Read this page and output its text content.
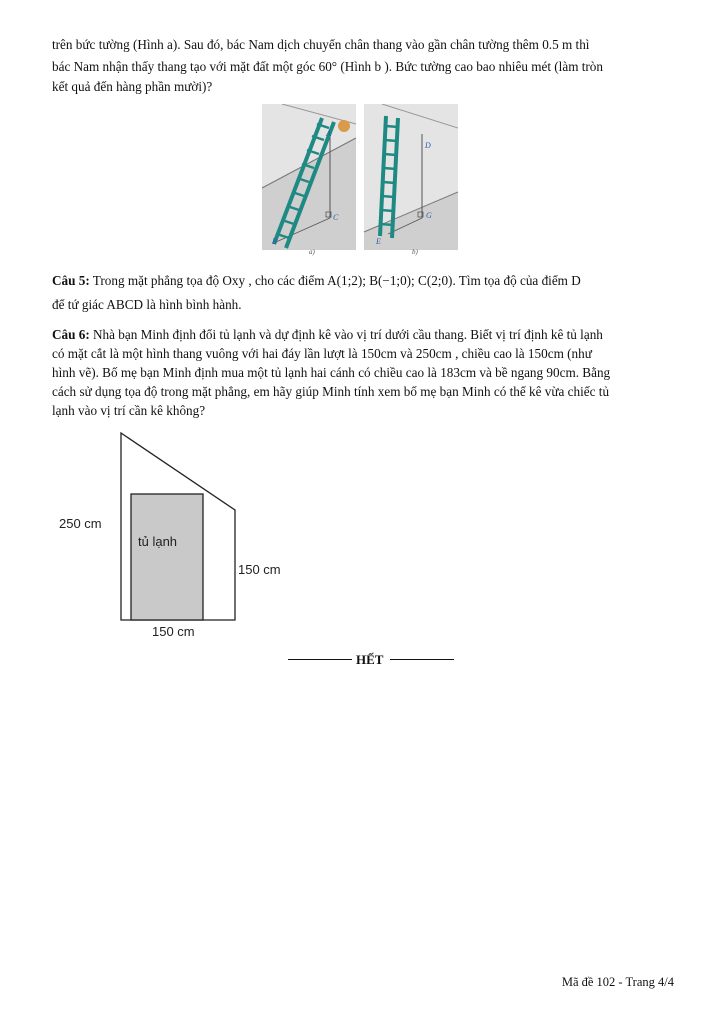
trên bức tường (Hình a). Sau đó, bác Nam dịch chuyển chân thang vào gần chân tường thêm 0.5 m thì
bác Nam nhận thấy thang tạo với mặt đất một góc 60° (Hình b ). Bức tường cao bao nhiêu mét (làm tròn
kết quả đến hàng phần mười)?
A
B
C
a)
D
E
G
b)
Câu 5: Trong mặt phẳng tọa độ Oxy , cho các điểm A(1;2); B(−1;0); C(2;0). Tìm tọa độ của điểm D
để tứ giác ABCD là hình bình hành.
Câu 6: Nhà bạn Minh định đổi tủ lạnh và dự định kê vào vị trí dưới cầu thang. Biết vị trí định kê tủ lạnh
có mặt cắt là một hình thang vuông với hai đáy lần lượt là 150cm và 250cm , chiều cao là 150cm (như
hình vẽ). Bố mẹ bạn Minh định mua một tủ lạnh hai cánh có chiều cao là 183cm và bề ngang 90cm. Bằng
cách sử dụng tọa độ trong mặt phẳng, em hãy giúp Minh tính xem bố mẹ bạn Minh có thể kê vừa chiếc tủ
lạnh vào vị trí cần kê không?
250 cm
150 cm
150 cm
tủ lạnh
HẾT
Mã đề 102 - Trang 4/4
